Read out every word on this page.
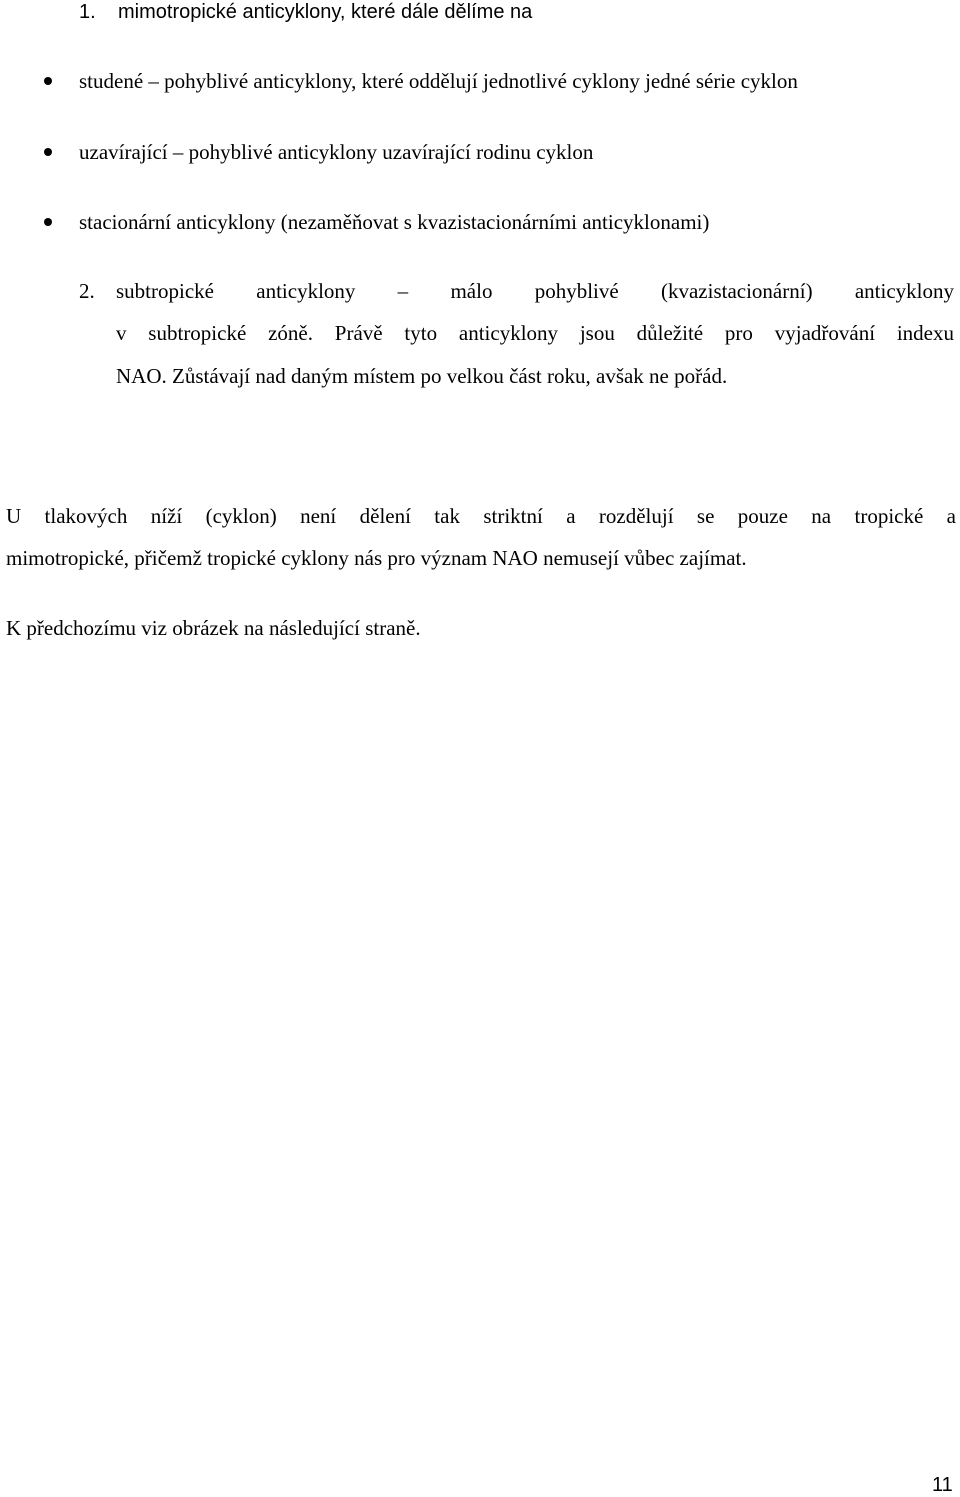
1. mimotropické anticyklony, které dále dělíme na
studené – pohyblivé anticyklony, které oddělují jednotlivé cyklony jedné série cyklon
uzavírající – pohyblivé anticyklony uzavírající rodinu cyklon
stacionární anticyklony (nezaměňovat s kvazistacionárními anticyklonami)
2. subtropické anticyklony – málo pohyblivé (kvazistacionární) anticyklony
v subtropické zóně. Právě tyto anticyklony jsou důležité pro vyjadřování indexu
NAO. Zůstávají nad daným místem po velkou část roku, avšak ne pořád.
U tlakových níží (cyklon) není dělení tak striktní a rozdělují se pouze na tropické a
mimotropické, přičemž tropické cyklony nás pro význam NAO nemusejí vůbec zajímat.
K předchozímu viz obrázek na následující straně.
11
